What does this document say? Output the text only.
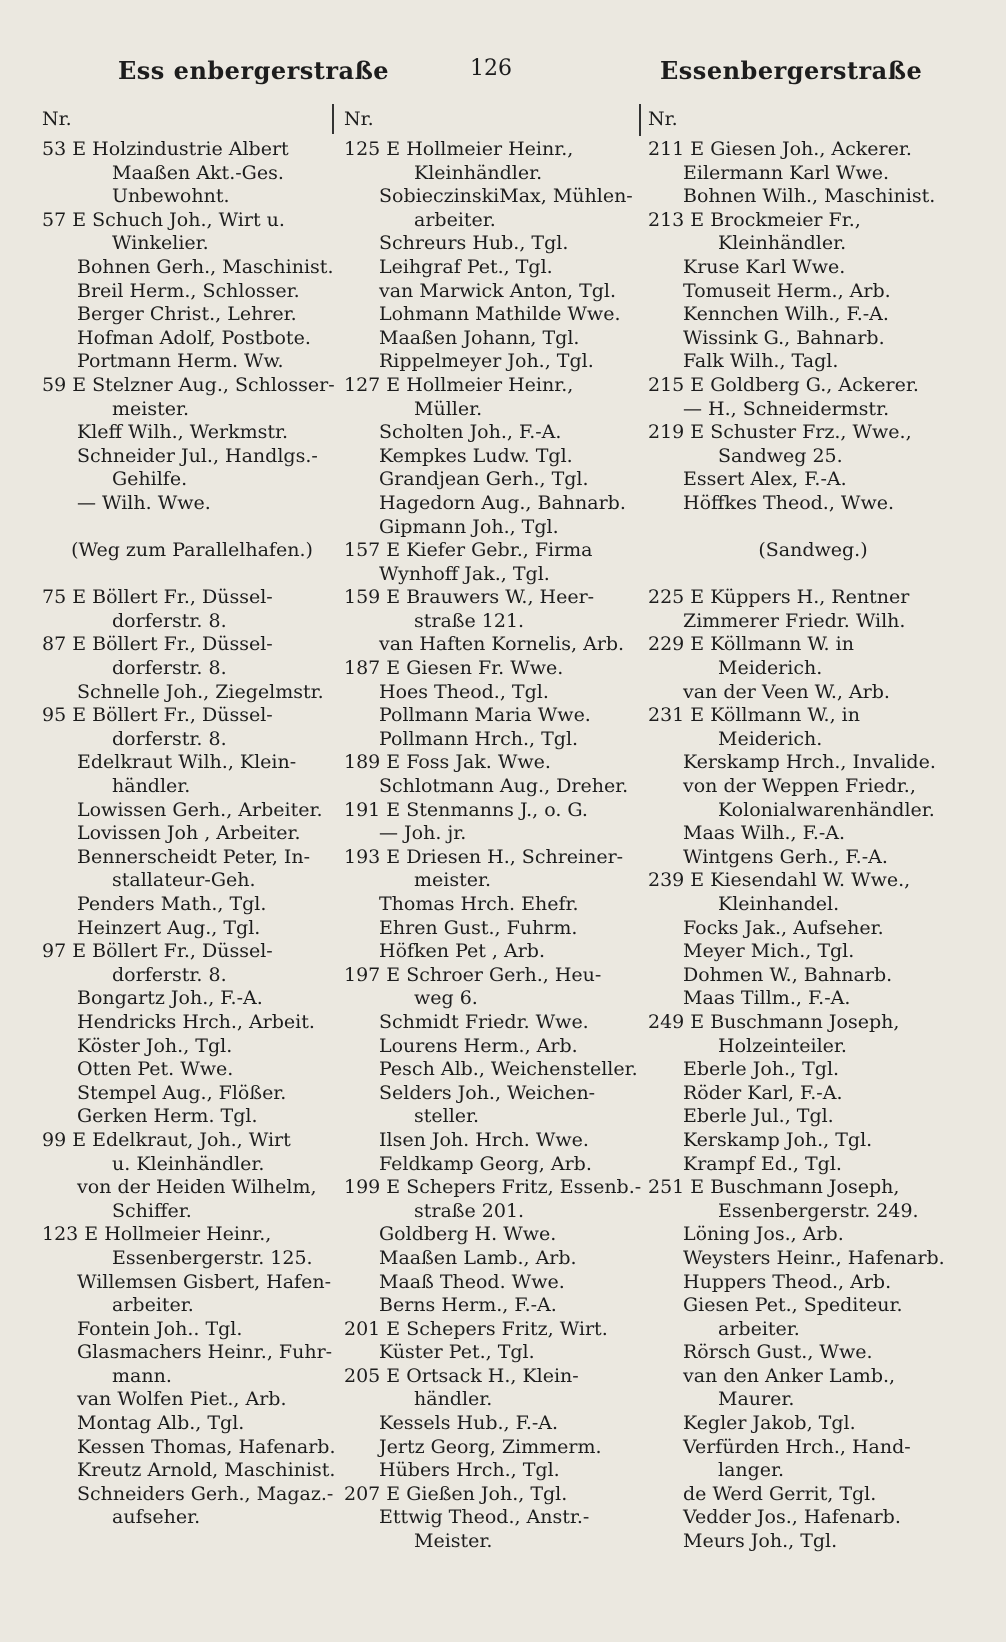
Ess enbergerstraße	126	Essenbergerstraße
Nr.
53 E Holzindustrie Albert
Maaßen Akt.-Ges.
Unbewohnt.
57 E Schuch Joh., Wirt u.
Winkelier.
Bohnen Gerh., Maschinist.
Breil Herm., Schlosser.
Berger Christ., Lehrer.
Hofman Adolf, Postbote.
Portmann Herm. Ww.
59 E Stelzner Aug., Schlosser-
meister.
Kleff Wilh., Werkmstr.
Schneider Jul., Handlgs.-
Gehilfe.
— Wilh. Wwe.
(Weg zum Parallelhafen.)
75 E Böllert Fr., Düssel-
dorferstr. 8.
87 E Böllert Fr., Düssel-
dorferstr. 8.
Schnelle Joh., Ziegelmstr.
95 E Böllert Fr., Düssel-
dorferstr. 8.
Edelkraut Wilh., Klein-
händler.
Lowissen Gerh., Arbeiter.
Lovissen Joh , Arbeiter.
Bennerscheidt Peter, In-
stallateur-Geh.
Penders Math., Tgl.
Heinzert Aug., Tgl.
97 E Böllert Fr., Düssel-
dorferstr. 8.
Bongartz Joh., F.-A.
Hendricks Hrch., Arbeit.
Köster Joh., Tgl.
Otten Pet. Wwe.
Stempel Aug., Flößer.
Gerken Herm. Tgl.
99 E Edelkraut, Joh., Wirt
u. Kleinhändler.
von der Heiden Wilhelm,
Schiffer.
123 E Hollmeier Heinr.,
Essenbergerstr. 125.
Willemsen Gisbert, Hafen-
arbeiter.
Fontein Joh.. Tgl.
Glasmachers Heinr., Fuhr-
mann.
van Wolfen Piet., Arb.
Montag Alb., Tgl.
Kessen Thomas, Hafenarb.
Kreutz Arnold, Maschinist.
Schneiders Gerh., Magaz.-
aufseher.
Nr.
125 E Hollmeier Heinr.,
Kleinhändler.
SobieczinskiMax, Mühlen-
arbeiter.
Schreurs Hub., Tgl.
Leihgraf Pet., Tgl.
van Marwick Anton, Tgl.
Lohmann Mathilde Wwe.
Maaßen Johann, Tgl.
Rippelmeyer Joh., Tgl.
127 E Hollmeier Heinr.,
Müller.
Scholten Joh., F.-A.
Kempkes Ludw. Tgl.
Grandjean Gerh., Tgl.
Hagedorn Aug., Bahnarb.
Gipmann Joh., Tgl.
157 E Kiefer Gebr., Firma
Wynhoff Jak., Tgl.
159 E Brauwers W., Heer-
straße 121.
van Haften Kornelis, Arb.
187 E Giesen Fr. Wwe.
Hoes Theod., Tgl.
Pollmann Maria Wwe.
Pollmann Hrch., Tgl.
189 E Foss Jak. Wwe.
Schlotmann Aug., Dreher.
191 E Stenmanns J., o. G.
— Joh. jr.
193 E Driesen H., Schreiner-
meister.
Thomas Hrch. Ehefr.
Ehren Gust., Fuhrm.
Höfken Pet , Arb.
197 E Schroer Gerh., Heu-
weg 6.
Schmidt Friedr. Wwe.
Lourens Herm., Arb.
Pesch Alb., Weichensteller.
Selders Joh., Weichen-
steller.
Ilsen Joh. Hrch. Wwe.
Feldkamp Georg, Arb.
199 E Schepers Fritz, Essenb.-
straße 201.
Goldberg H. Wwe.
Maaßen Lamb., Arb.
Maaß Theod. Wwe.
Berns Herm., F.-A.
201 E Schepers Fritz, Wirt.
Küster Pet., Tgl.
205 E Ortsack H., Klein-
händler.
Kessels Hub., F.-A.
Jertz Georg, Zimmerm.
Hübers Hrch., Tgl.
207 E Gießen Joh., Tgl.
Ettwig Theod., Anstr.-
Meister.
Nr.
211 E Giesen Joh., Ackerer.
Eilermann Karl Wwe.
Bohnen Wilh., Maschinist.
213 E Brockmeier Fr.,
Kleinhändler.
Kruse Karl Wwe.
Tomuseit Herm., Arb.
Kennchen Wilh., F.-A.
Wissink G., Bahnarb.
Falk Wilh., Tagl.
215 E Goldberg G., Ackerer.
— H., Schneidermstr.
219 E Schuster Frz., Wwe.,
Sandweg 25.
Essert Alex, F.-A.
Höffkes Theod., Wwe.
(Sandweg.)
225 E Küppers H., Rentner
Zimmerer Friedr. Wilh.
229 E Köllmann W. in
Meiderich.
van der Veen W., Arb.
231 E Köllmann W., in
Meiderich.
Kerskamp Hrch., Invalide.
von der Weppen Friedr.,
Kolonialwarenhändler.
Maas Wilh., F.-A.
Wintgens Gerh., F.-A.
239 E Kiesendahl W. Wwe.,
Kleinhandel.
Focks Jak., Aufseher.
Meyer Mich., Tgl.
Dohmen W., Bahnarb.
Maas Tillm., F.-A.
249 E Buschmann Joseph,
Holzeinteiler.
Eberle Joh., Tgl.
Röder Karl, F.-A.
Eberle Jul., Tgl.
Kerskamp Joh., Tgl.
Krampf Ed., Tgl.
251 E Buschmann Joseph,
Essenbergerstr. 249.
Löning Jos., Arb.
Weysters Heinr., Hafenarb.
Huppers Theod., Arb.
Giesen Pet., Spediteur.
arbeiter.
Rörsch Gust., Wwe.
van den Anker Lamb.,
Maurer.
Kegler Jakob, Tgl.
Verfürden Hrch., Hand-
langer.
de Werd Gerrit, Tgl.
Vedder Jos., Hafenarb.
Meurs Joh., Tgl.
